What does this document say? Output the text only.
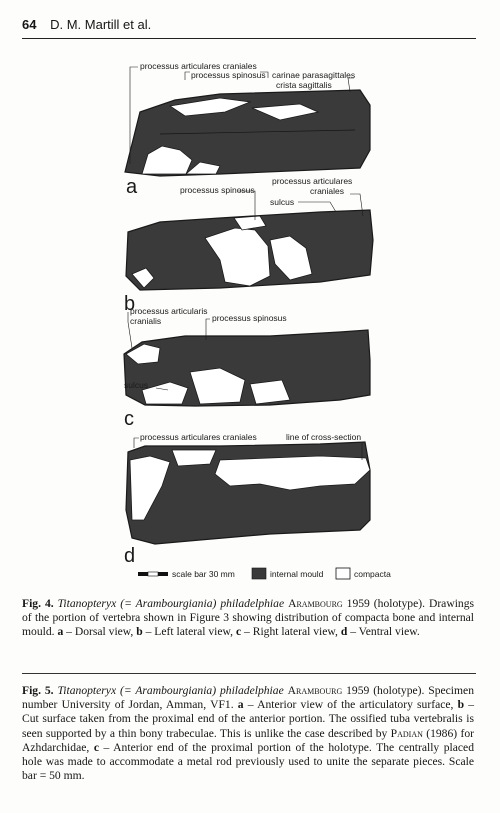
64 D. M. Martill et al.
processus articulares craniales
processus spinosus carinae parasagittales
crista sagittalis
a	processus spinosus
processus articulares
craniales
sulcus
b
processus articularis
cranialis	processus spinosus
sulcus
c
processus articulares craniales	line of cross-section
d
scale bar 30 mm	internal mould	compacta
Fig. 4. Titanopteryx (= Arambourgiania) philadelphiae Arambourg 1959 (holotype). Drawings of the portion of vertebra shown in Figure 3 showing distribution of compacta bone and internal mould. a – Dorsal view, b – Left lateral view, c – Right lateral view, d – Ventral view.
Fig. 5. Titanopteryx (= Arambourgiania) philadelphiae Arambourg 1959 (holotype). Specimen number University of Jordan, Amman, VF1. a – Anterior view of the articulatory surface, b – Cut surface taken from the proximal end of the anterior portion. The ossified tuba vertebralis is seen supported by a thin bony trabeculae. This is unlike the case described by Padian (1986) for Azhdarchidae, c – Anterior end of the proximal portion of the holotype. The centrally placed hole was made to accommodate a metal rod previously used to unite the separate pieces. Scale bar = 50 mm.
